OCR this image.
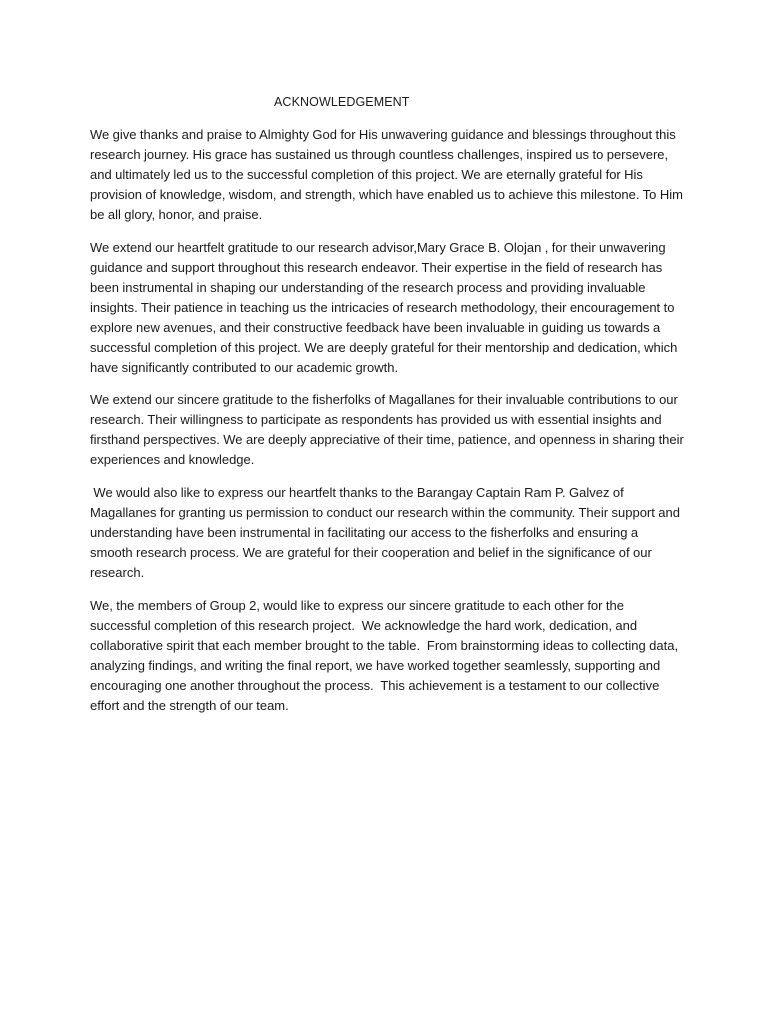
ACKNOWLEDGEMENT

We give thanks and praise to Almighty God for His unwavering guidance and blessings throughout this research journey. His grace has sustained us through countless challenges, inspired us to persevere, and ultimately led us to the successful completion of this project. We are eternally grateful for His provision of knowledge, wisdom, and strength, which have enabled us to achieve this milestone. To Him be all glory, honor, and praise.

We extend our heartfelt gratitude to our research advisor,Mary Grace B. Olojan , for their unwavering guidance and support throughout this research endeavor. Their expertise in the field of research has been instrumental in shaping our understanding of the research process and providing invaluable insights. Their patience in teaching us the intricacies of research methodology, their encouragement to explore new avenues, and their constructive feedback have been invaluable in guiding us towards a successful completion of this project. We are deeply grateful for their mentorship and dedication, which have significantly contributed to our academic growth.

We extend our sincere gratitude to the fisherfolks of Magallanes for their invaluable contributions to our research. Their willingness to participate as respondents has provided us with essential insights and firsthand perspectives. We are deeply appreciative of their time, patience, and openness in sharing their experiences and knowledge.

We would also like to express our heartfelt thanks to the Barangay Captain Ram P. Galvez of Magallanes for granting us permission to conduct our research within the community. Their support and understanding have been instrumental in facilitating our access to the fisherfolks and ensuring a smooth research process. We are grateful for their cooperation and belief in the significance of our research.

We, the members of Group 2, would like to express our sincere gratitude to each other for the successful completion of this research project.  We acknowledge the hard work, dedication, and collaborative spirit that each member brought to the table.  From brainstorming ideas to collecting data, analyzing findings, and writing the final report, we have worked together seamlessly, supporting and encouraging one another throughout the process.  This achievement is a testament to our collective effort and the strength of our team.
